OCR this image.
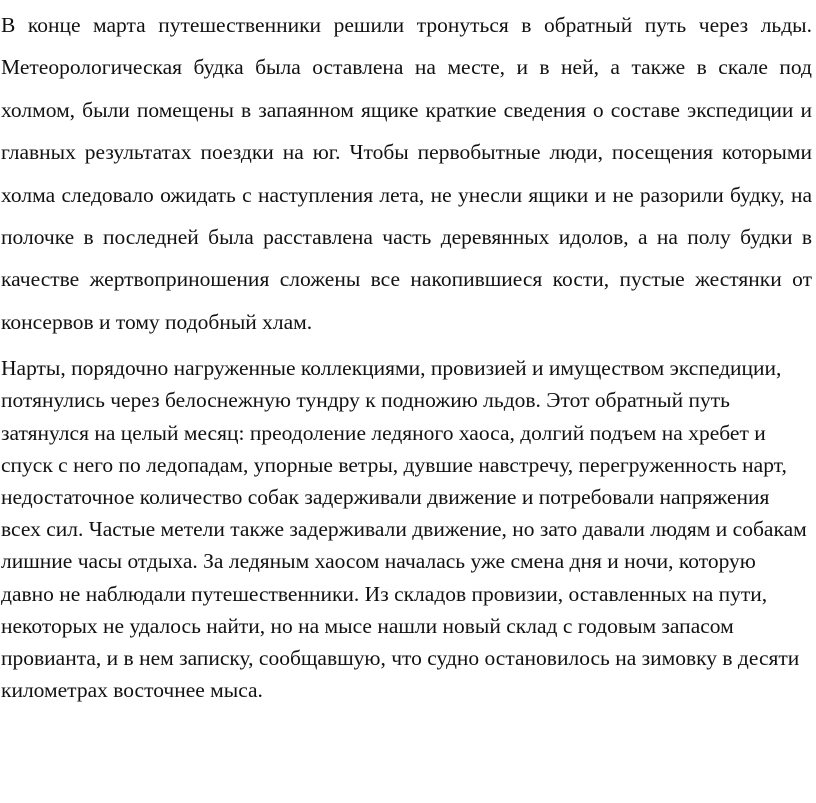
В конце марта путешественники решили тронуться в обратный путь через льды. Метеорологическая будка была оставлена на месте, и в ней, а также в скале под холмом, были помещены в запаянном ящике краткие сведения о составе экспедиции и главных результатах поездки на юг. Чтобы первобытные люди, посещения которыми холма следовало ожидать с наступления лета, не унесли ящики и не разорили будку, на полочке в последней была расставлена часть деревянных идолов, а на полу будки в качестве жертвоприношения сложены все накопившиеся кости, пустые жестянки от консервов и тому подобный хлам.

Нарты, порядочно нагруженные коллекциями, провизией и имуществом экспедиции, потянулись через белоснежную тундру к подножию льдов. Этот обратный путь затянулся на целый месяц: преодоление ледяного хаоса, долгий подъем на хребет и спуск с него по ледопадам, упорные ветры, дувшие навстречу, перегруженность нарт, недостаточное количество собак задерживали движение и потребовали напряжения всех сил. Частые метели также задерживали движение, но зато давали людям и собакам лишние часы отдыха. За ледяным хаосом началась уже смена дня и ночи, которую давно не наблюдали путешественники. Из складов провизии, оставленных на пути, некоторых не удалось найти, но на мысе нашли новый склад с годовым запасом провианта, и в нем записку, сообщавшую, что судно остановилось на зимовку в десяти километрах восточнее мыса.
